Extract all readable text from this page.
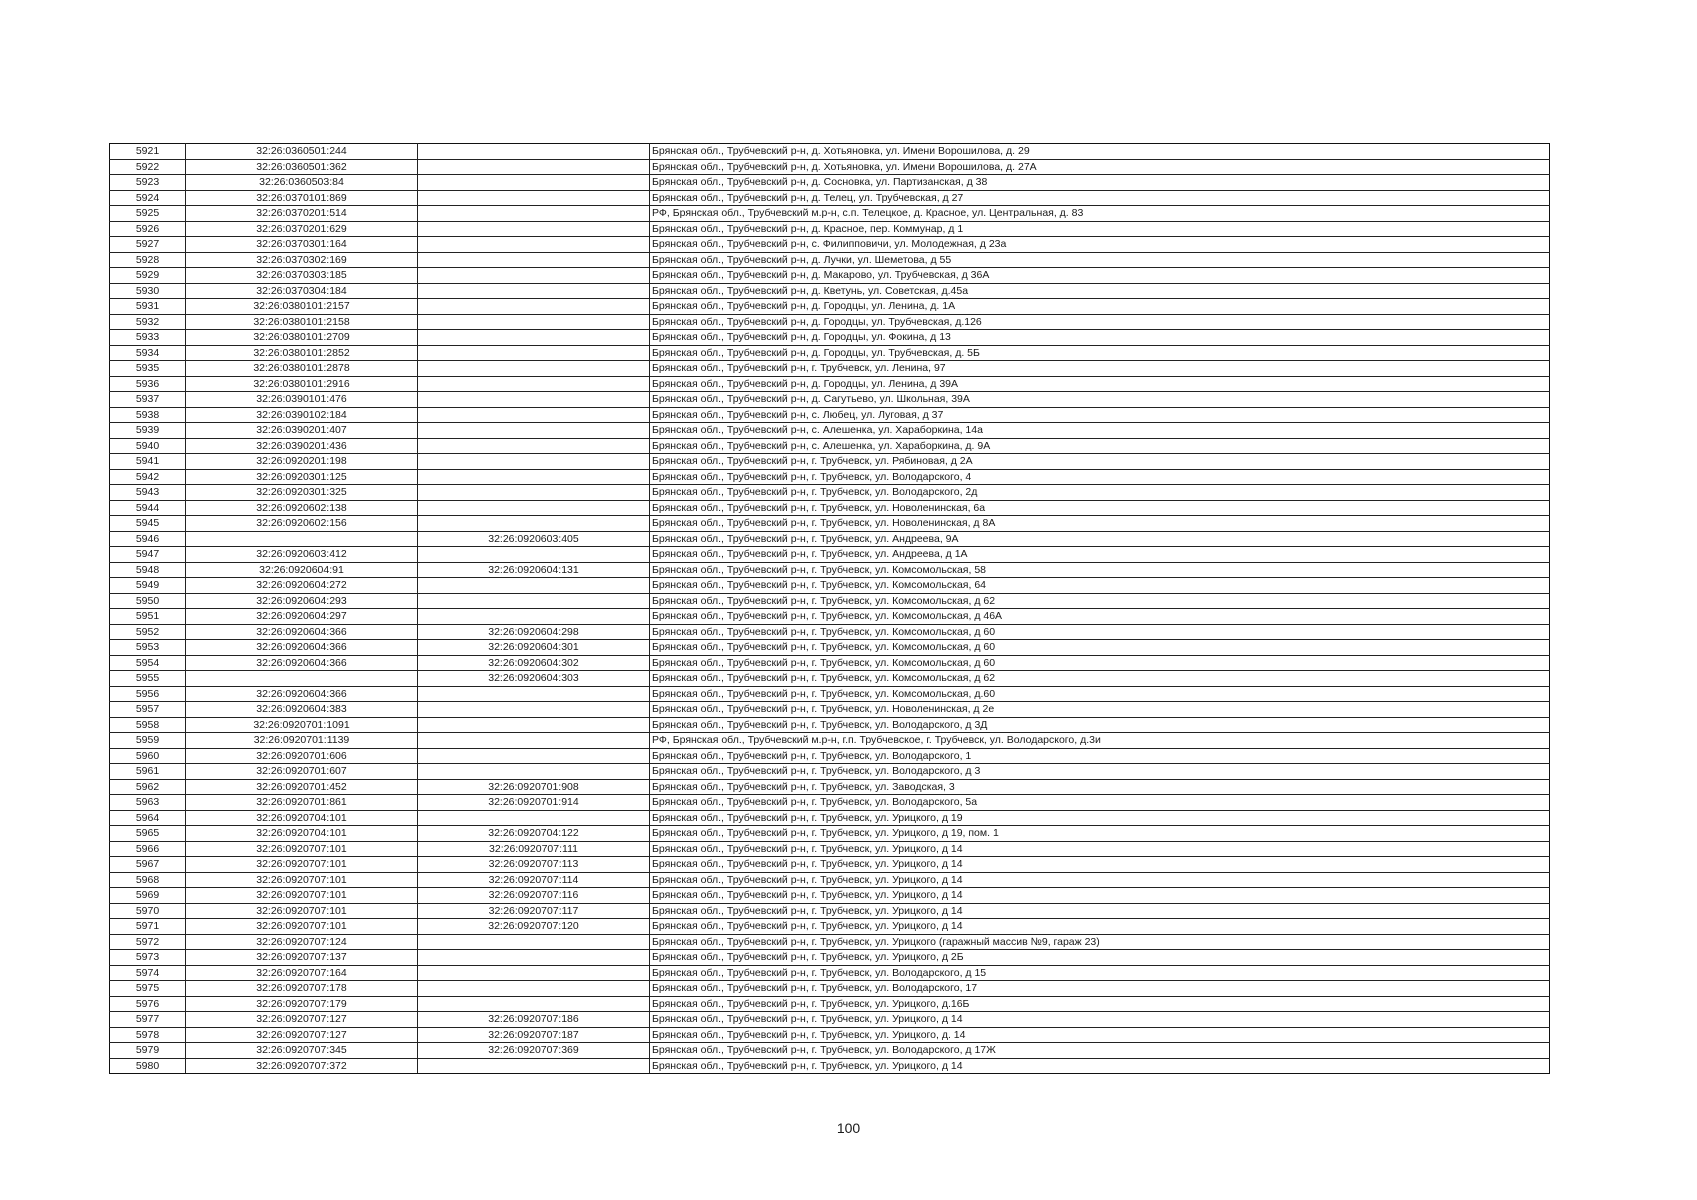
5921	32:26:0360501:244		Брянская обл., Трубчевский р-н, д. Хотьяновка, ул. Имени Ворошилова, д. 29
5922	32:26:0360501:362		Брянская обл., Трубчевский р-н, д. Хотьяновка, ул. Имени Ворошилова, д. 27А
5923	32:26:0360503:84		Брянская обл., Трубчевский р-н, д. Сосновка, ул. Партизанская, д 38
5924	32:26:0370101:869		Брянская обл., Трубчевский р-н, д. Телец, ул. Трубчевская, д 27
5925	32:26:0370201:514		РФ, Брянская обл., Трубчевский м.р-н, с.п. Телецкое, д. Красное, ул. Центральная, д. 83
5926	32:26:0370201:629		Брянская обл., Трубчевский р-н, д. Красное, пер. Коммунар, д 1
5927	32:26:0370301:164		Брянская обл., Трубчевский р-н, с. Филипповичи, ул. Молодежная, д 23а
5928	32:26:0370302:169		Брянская обл., Трубчевский р-н, д. Лучки, ул. Шеметова, д 55
5929	32:26:0370303:185		Брянская обл., Трубчевский р-н, д. Макарово, ул. Трубчевская, д 36А
5930	32:26:0370304:184		Брянская обл., Трубчевский р-н, д. Кветунь, ул. Советская, д.45а
5931	32:26:0380101:2157		Брянская обл., Трубчевский р-н, д. Городцы, ул. Ленина, д. 1А
5932	32:26:0380101:2158		Брянская обл., Трубчевский р-н, д. Городцы, ул. Трубчевская, д.126
5933	32:26:0380101:2709		Брянская обл., Трубчевский р-н, д. Городцы, ул. Фокина, д 13
5934	32:26:0380101:2852		Брянская обл., Трубчевский р-н, д. Городцы, ул. Трубчевская, д. 5Б
5935	32:26:0380101:2878		Брянская обл., Трубчевский р-н, г. Трубчевск, ул. Ленина, 97
5936	32:26:0380101:2916		Брянская обл., Трубчевский р-н, д. Городцы, ул. Ленина, д 39А
5937	32:26:0390101:476		Брянская обл., Трубчевский р-н, д. Сагутьево, ул. Школьная, 39А
5938	32:26:0390102:184		Брянская обл., Трубчевский р-н, с. Любец, ул. Луговая, д 37
5939	32:26:0390201:407		Брянская обл., Трубчевский р-н, с. Алешенка, ул. Хараборкина, 14а
5940	32:26:0390201:436		Брянская обл., Трубчевский р-н, с. Алешенка, ул. Хараборкина, д. 9А
5941	32:26:0920201:198		Брянская обл., Трубчевский р-н, г. Трубчевск, ул. Рябиновая, д 2А
5942	32:26:0920301:125		Брянская обл., Трубчевский р-н, г. Трубчевск, ул. Володарского, 4
5943	32:26:0920301:325		Брянская обл., Трубчевский р-н, г. Трубчевск, ул. Володарского, 2д
5944	32:26:0920602:138		Брянская обл., Трубчевский р-н, г. Трубчевск, ул. Новоленинская, 6а
5945	32:26:0920602:156		Брянская обл., Трубчевский р-н, г. Трубчевск, ул. Новоленинская, д 8А
5946		32:26:0920603:405	Брянская обл., Трубчевский р-н, г. Трубчевск, ул. Андреева, 9А
5947	32:26:0920603:412		Брянская обл., Трубчевский р-н, г. Трубчевск, ул. Андреева, д 1А
5948	32:26:0920604:91	32:26:0920604:131	Брянская обл., Трубчевский р-н, г. Трубчевск, ул. Комсомольская, 58
5949	32:26:0920604:272		Брянская обл., Трубчевский р-н, г. Трубчевск, ул. Комсомольская, 64
5950	32:26:0920604:293		Брянская обл., Трубчевский р-н, г. Трубчевск, ул. Комсомольская, д 62
5951	32:26:0920604:297		Брянская обл., Трубчевский р-н, г. Трубчевск, ул. Комсомольская, д 46А
5952	32:26:0920604:366	32:26:0920604:298	Брянская обл., Трубчевский р-н, г. Трубчевск, ул. Комсомольская, д 60
5953	32:26:0920604:366	32:26:0920604:301	Брянская обл., Трубчевский р-н, г. Трубчевск, ул. Комсомольская, д 60
5954	32:26:0920604:366	32:26:0920604:302	Брянская обл., Трубчевский р-н, г. Трубчевск, ул. Комсомольская, д 60
5955		32:26:0920604:303	Брянская обл., Трубчевский р-н, г. Трубчевск, ул. Комсомольская, д 62
5956	32:26:0920604:366		Брянская обл., Трубчевский р-н, г. Трубчевск, ул. Комсомольская, д.60
5957	32:26:0920604:383		Брянская обл., Трубчевский р-н, г. Трубчевск, ул. Новоленинская, д 2е
5958	32:26:0920701:1091		Брянская обл., Трубчевский р-н, г. Трубчевск, ул. Володарского, д 3Д
5959	32:26:0920701:1139		РФ, Брянская обл., Трубчевский м.р-н, г.п. Трубчевское, г. Трубчевск, ул. Володарского, д.3и
5960	32:26:0920701:606		Брянская обл., Трубчевский р-н, г. Трубчевск, ул. Володарского, 1
5961	32:26:0920701:607		Брянская обл., Трубчевский р-н, г. Трубчевск, ул. Володарского, д 3
5962	32:26:0920701:452	32:26:0920701:908	Брянская обл., Трубчевский р-н, г. Трубчевск, ул. Заводская, 3
5963	32:26:0920701:861	32:26:0920701:914	Брянская обл., Трубчевский р-н, г. Трубчевск, ул. Володарского, 5а
5964	32:26:0920704:101		Брянская обл., Трубчевский р-н, г. Трубчевск, ул. Урицкого, д 19
5965	32:26:0920704:101	32:26:0920704:122	Брянская обл., Трубчевский р-н, г. Трубчевск, ул. Урицкого, д 19, пом. 1
5966	32:26:0920707:101	32:26:0920707:111	Брянская обл., Трубчевский р-н, г. Трубчевск, ул. Урицкого, д 14
5967	32:26:0920707:101	32:26:0920707:113	Брянская обл., Трубчевский р-н, г. Трубчевск, ул. Урицкого, д 14
5968	32:26:0920707:101	32:26:0920707:114	Брянская обл., Трубчевский р-н, г. Трубчевск, ул. Урицкого, д 14
5969	32:26:0920707:101	32:26:0920707:116	Брянская обл., Трубчевский р-н, г. Трубчевск, ул. Урицкого, д 14
5970	32:26:0920707:101	32:26:0920707:117	Брянская обл., Трубчевский р-н, г. Трубчевск, ул. Урицкого, д 14
5971	32:26:0920707:101	32:26:0920707:120	Брянская обл., Трубчевский р-н, г. Трубчевск, ул. Урицкого, д 14
5972	32:26:0920707:124		Брянская обл., Трубчевский р-н, г. Трубчевск, ул. Урицкого (гаражный массив №9, гараж 23)
5973	32:26:0920707:137		Брянская обл., Трубчевский р-н, г. Трубчевск, ул. Урицкого, д 2Б
5974	32:26:0920707:164		Брянская обл., Трубчевский р-н, г. Трубчевск, ул. Володарского, д 15
5975	32:26:0920707:178		Брянская обл., Трубчевский р-н, г. Трубчевск, ул. Володарского, 17
5976	32:26:0920707:179		Брянская обл., Трубчевский р-н, г. Трубчевск, ул. Урицкого, д.16Б
5977	32:26:0920707:127	32:26:0920707:186	Брянская обл., Трубчевский р-н, г. Трубчевск, ул. Урицкого, д 14
5978	32:26:0920707:127	32:26:0920707:187	Брянская обл., Трубчевский р-н, г. Трубчевск, ул. Урицкого, д. 14
5979	32:26:0920707:345	32:26:0920707:369	Брянская обл., Трубчевский р-н, г. Трубчевск, ул. Володарского, д 17Ж
5980	32:26:0920707:372		Брянская обл., Трубчевский р-н, г. Трубчевск, ул. Урицкого, д 14
100
